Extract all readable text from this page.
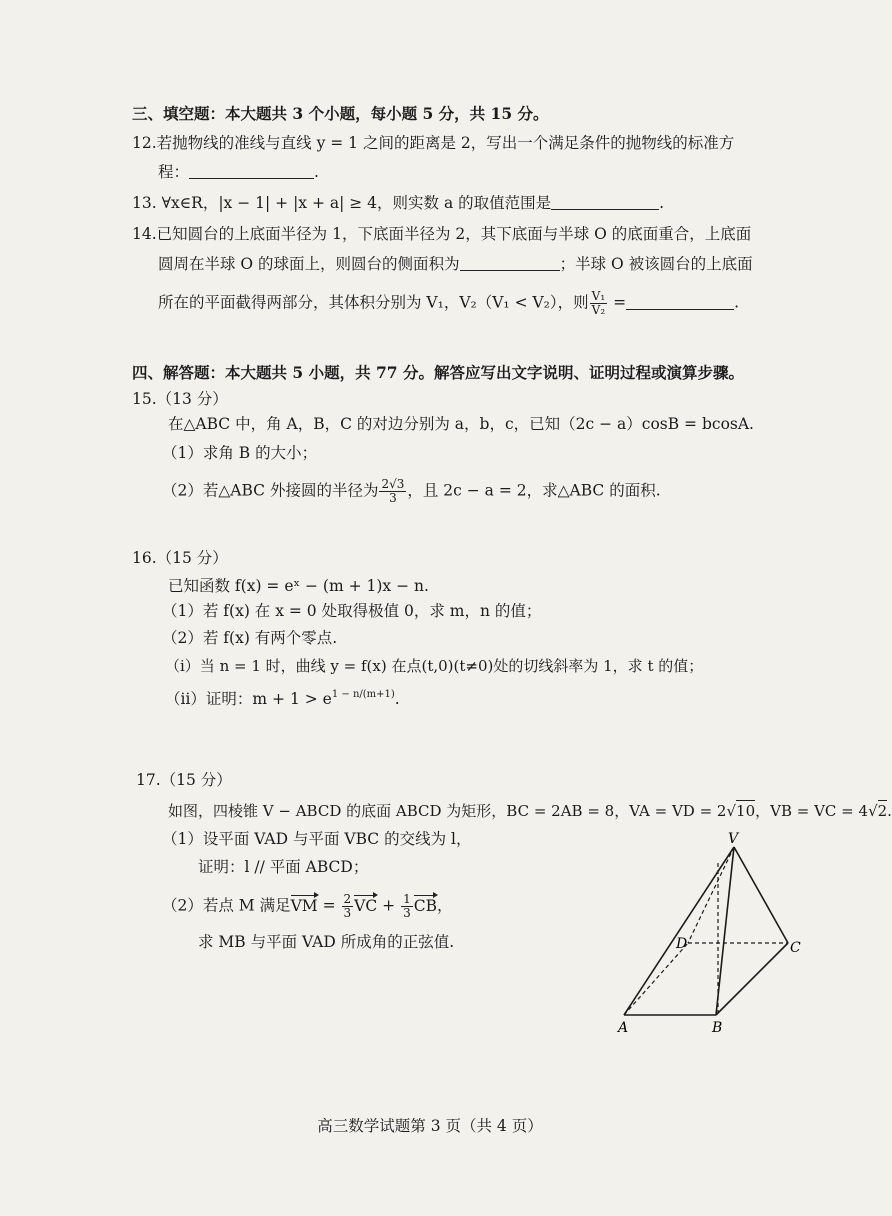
三、填空题：本大题共 3 个小题，每小题 5 分，共 15 分。
12.若抛物线的准线与直线 y = 1 之间的距离是 2，写出一个满足条件的抛物线的标准方
程：	.
13. ∀x∈R，|x − 1| + |x + a| ≥ 4，则实数 a 的取值范围是	.
14.已知圆台的上底面半径为 1，下底面半径为 2，其下底面与半球 O 的底面重合，上底面
圆周在半球 O 的球面上，则圆台的侧面积为	；半球 O 被该圆台的上底面
所在的平面截得两部分，其体积分别为 V₁，V₂（V₁ < V₂），则 $\frac{\text{V₁}}{\text{V₂}}$ =	.
四、解答题：本大题共 5 小题，共 77 分。解答应写出文字说明、证明过程或演算步骤。
15.（13 分）
在△ABC 中，角 A，B，C 的对边分别为 a，b，c，已知（2c − a）cosB = bcosA.
（1）求角 B 的大小；
（2）若△ABC 外接圆的半径为 $\frac{2√3}{3}$ ，且 2c − a = 2，求△ABC 的面积.
16.（15 分）
已知函数 f(x) = eˣ − (m + 1)x − n.
（1）若 f(x) 在 x = 0 处取得极值 0，求 m，n 的值；
（2）若 f(x) 有两个零点.
（ⅰ）当 n = 1 时，曲线 y = f(x) 在点(t,0)(t≠0)处的切线斜率为 1，求 t 的值；
（ⅱ）证明：$m + 1 > e^{1 - n/(m+1)}$.
17.（15 分）
如图，四棱锥 V − ABCD 的底面 ABCD 为矩形，BC = 2AB = 8，VA = VD = 2√10，VB = VC = 4√2.
（1）设平面 VAD 与平面 VBC 的交线为 l，
证明：l // 平面 ABCD；
（2）若点 M 满足VM = $\frac{2}{3}$ VC + $\frac{1}{3}$ CB，
求 MB 与平面 VAD 所成角的正弦值.
V
D	C
A	B
高三数学试题第 3 页（共 4 页）
